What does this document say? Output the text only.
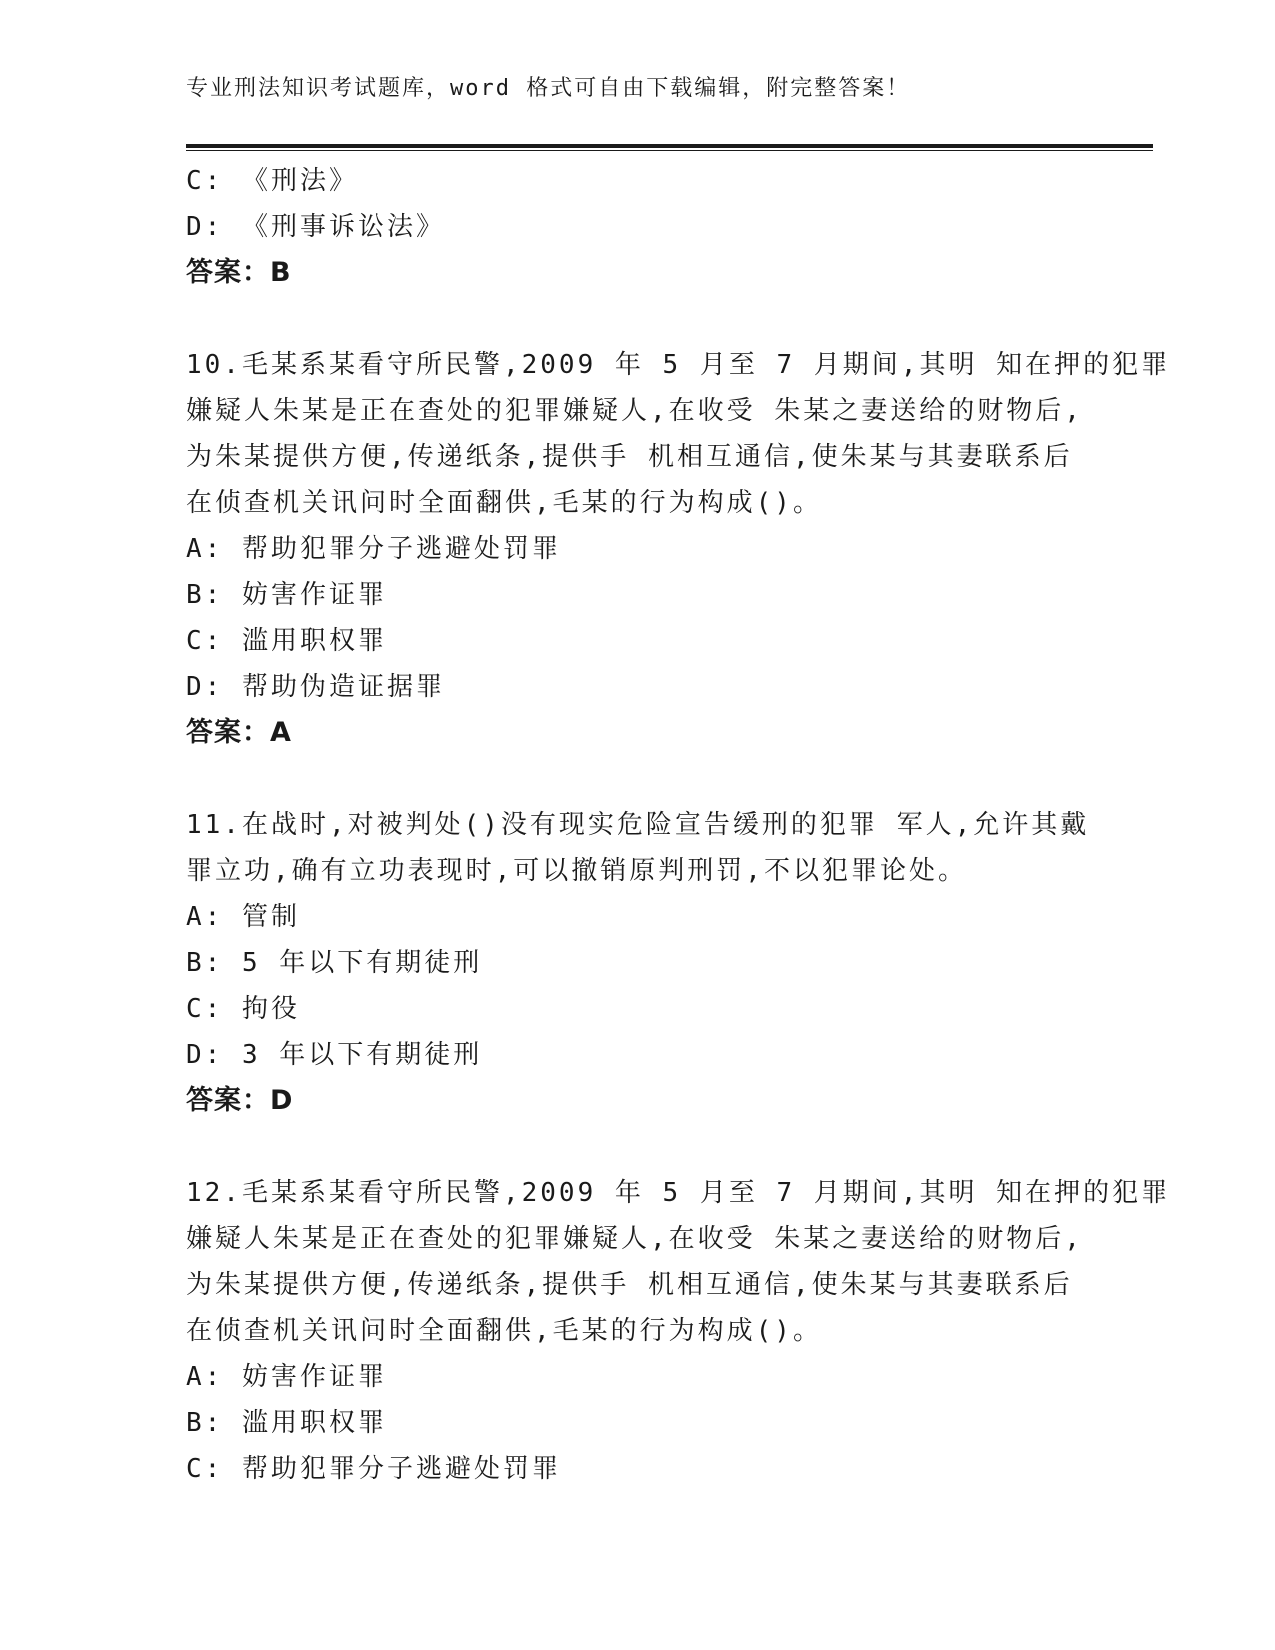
专业刑法知识考试题库，word 格式可自由下载编辑，附完整答案！

C: 《刑法》

D: 《刑事诉讼法》

答案：B

10.毛某系某看守所民警,2009 年 5 月至 7 月期间,其明 知在押的犯罪

嫌疑人朱某是正在查处的犯罪嫌疑人,在收受 朱某之妻送给的财物后,

为朱某提供方便,传递纸条,提供手 机相互通信,使朱某与其妻联系后

在侦查机关讯问时全面翻供,毛某的行为构成()。

A: 帮助犯罪分子逃避处罚罪

B: 妨害作证罪

C: 滥用职权罪

D: 帮助伪造证据罪

答案：A

11.在战时,对被判处()没有现实危险宣告缓刑的犯罪 军人,允许其戴

罪立功,确有立功表现时,可以撤销原判刑罚,不以犯罪论处。

A: 管制

B: 5 年以下有期徒刑

C: 拘役

D: 3 年以下有期徒刑

答案：D

12.毛某系某看守所民警,2009 年 5 月至 7 月期间,其明 知在押的犯罪

嫌疑人朱某是正在查处的犯罪嫌疑人,在收受 朱某之妻送给的财物后,

为朱某提供方便,传递纸条,提供手 机相互通信,使朱某与其妻联系后

在侦查机关讯问时全面翻供,毛某的行为构成()。

A: 妨害作证罪

B: 滥用职权罪

C: 帮助犯罪分子逃避处罚罪
